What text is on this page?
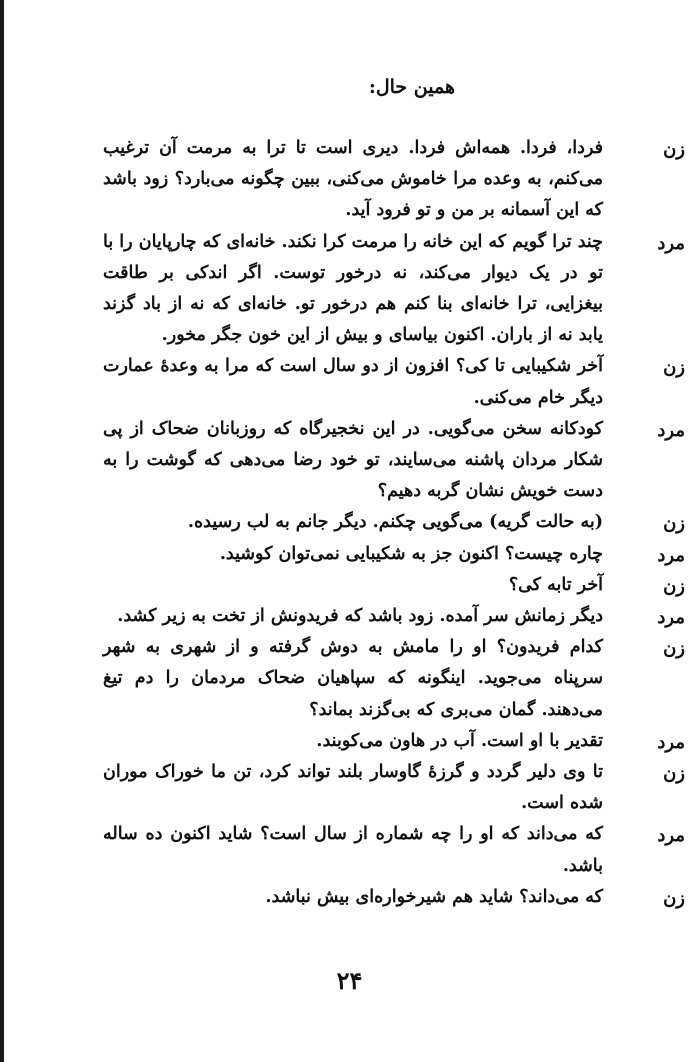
همین حال:
زن
فردا، فردا. همه‌اش فردا. دیری است تا ترا به مرمت آن ترغیب می‌کنم، به وعده مرا خاموش می‌کنی، ببین چگونه می‌بارد؟ زود باشد که این آسمانه بر من و تو فرود آید.
مرد
چند ترا گویم که این خانه را مرمت کرا نکند. خانه‌ای که چارپایان را با تو در یک دیوار می‌کند، نه درخور توست. اگر اندکی بر طاقت بیغزایی، ترا خانه‌ای بنا کنم هم درخور تو. خانه‌ای که نه از باد گزند یابد نه از باران. اکنون بیاسای و بیش از این خون جگر مخور.
زن
آخر شکیبایی تا کی؟ افزون از دو سال است که مرا به وعدهٔ عمارت دیگر خام می‌کنی.
مرد
کودکانه سخن می‌گویی. در این نخجیرگاه که روزبانان ضحاک از پی شکار مردان پاشنه می‌سایند، تو خود رضا می‌دهی که گوشت را به دست خویش نشان گربه دهیم؟
زن
(به حالت گریه) می‌گویی چکنم. دیگر جانم به لب رسیده.
مرد
چاره چیست؟ اکنون جز به شکیبایی نمی‌توان کوشید.
زن
آخر تابه کی؟
مرد
دیگر زمانش سر آمده. زود باشد که فریدونش از تخت به زیر کشد.
زن
کدام فریدون؟ او را مامش به دوش گرفته و از شهری به شهر سرپناه می‌جوید. اینگونه که سپاهیان ضحاک مردمان را دم تیغ می‌دهند. گمان می‌بری که بی‌گزند بماند؟
مرد
تقدیر با او است. آب در هاون می‌کوبند.
زن
تا وی دلیر گردد و گرزهٔ گاوسار بلند تواند کرد، تن ما خوراک موران شده است.
مرد
که می‌داند که او را چه شماره از سال است؟ شاید اکنون ده ساله باشد.
زن
که می‌داند؟ شاید هم شیرخواره‌ای بیش نباشد.
۲۴
